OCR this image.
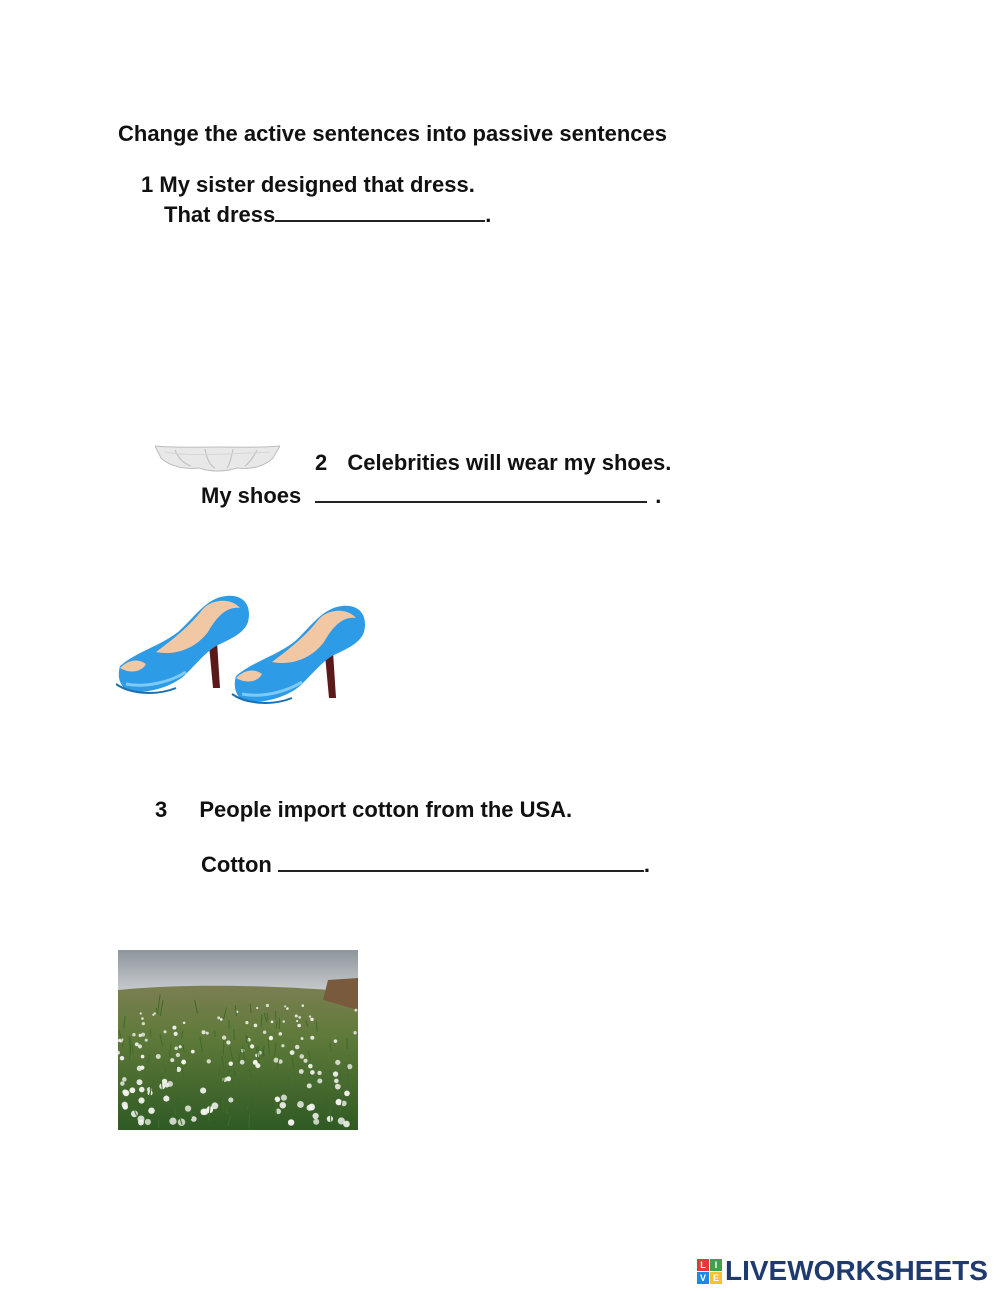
Change the active sentences into passive sentences
1 My sister designed that dress.
That dress	.
2 Celebrities will wear my shoes.
My shoes	.
3 People import cotton from the USA.
Cotton	.
L I
V E LIVEWORKSHEETS
